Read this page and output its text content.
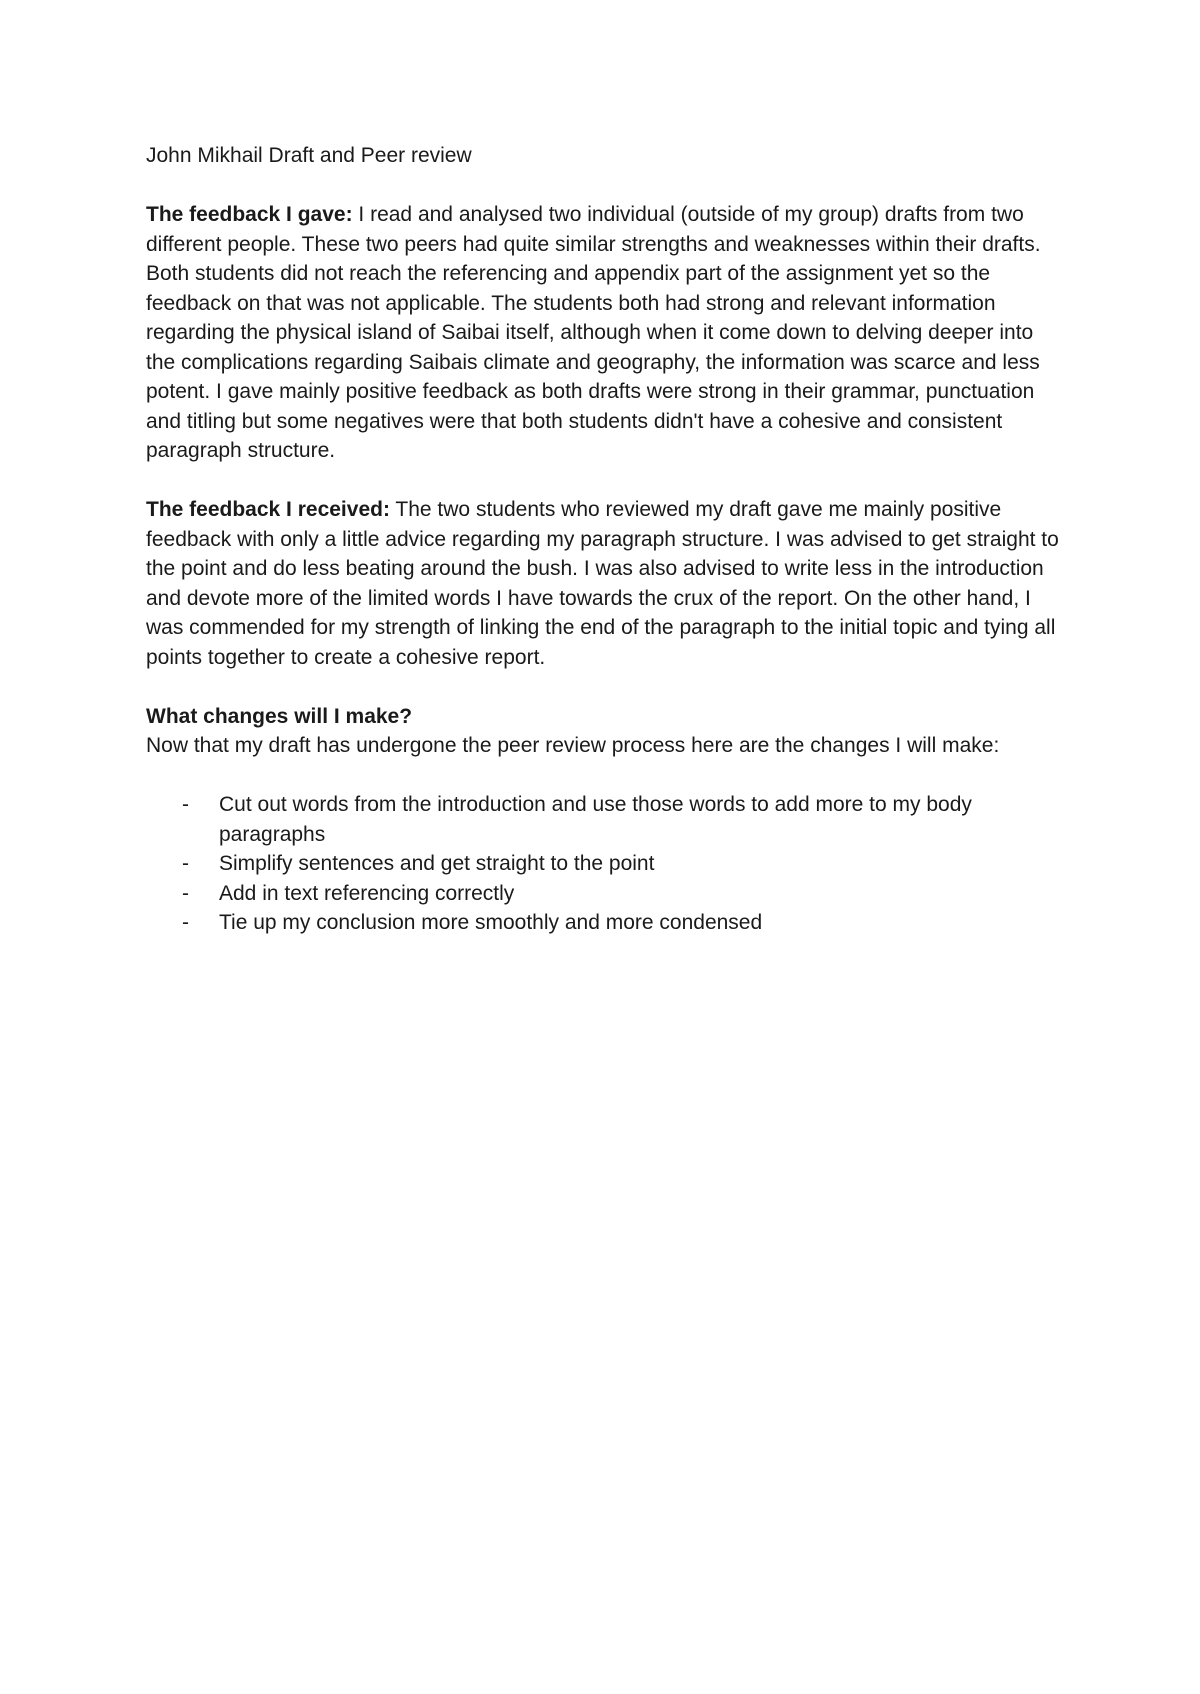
John Mikhail Draft and Peer review

The feedback I gave: I read and analysed two individual (outside of my group) drafts from two different people. These two peers had quite similar strengths and weaknesses within their drafts. Both students did not reach the referencing and appendix part of the assignment yet so the feedback on that was not applicable. The students both had strong and relevant information regarding the physical island of Saibai itself, although when it come down to delving deeper into the complications regarding Saibais climate and geography, the information was scarce and less potent. I gave mainly positive feedback as both drafts were strong in their grammar, punctuation and titling but some negatives were that both students didn't have a cohesive and consistent paragraph structure.

The feedback I received: The two students who reviewed my draft gave me mainly positive feedback with only a little advice regarding my paragraph structure. I was advised to get straight to the point and do less beating around the bush. I was also advised to write less in the introduction and devote more of the limited words I have towards the crux of the report. On the other hand, I was commended for my strength of linking the end of the paragraph to the initial topic and tying all points together to create a cohesive report.

What changes will I make?

Now that my draft has undergone the peer review process here are the changes I will make:

- Cut out words from the introduction and use those words to add more to my body paragraphs
- Simplify sentences and get straight to the point
- Add in text referencing correctly
- Tie up my conclusion more smoothly and more condensed
